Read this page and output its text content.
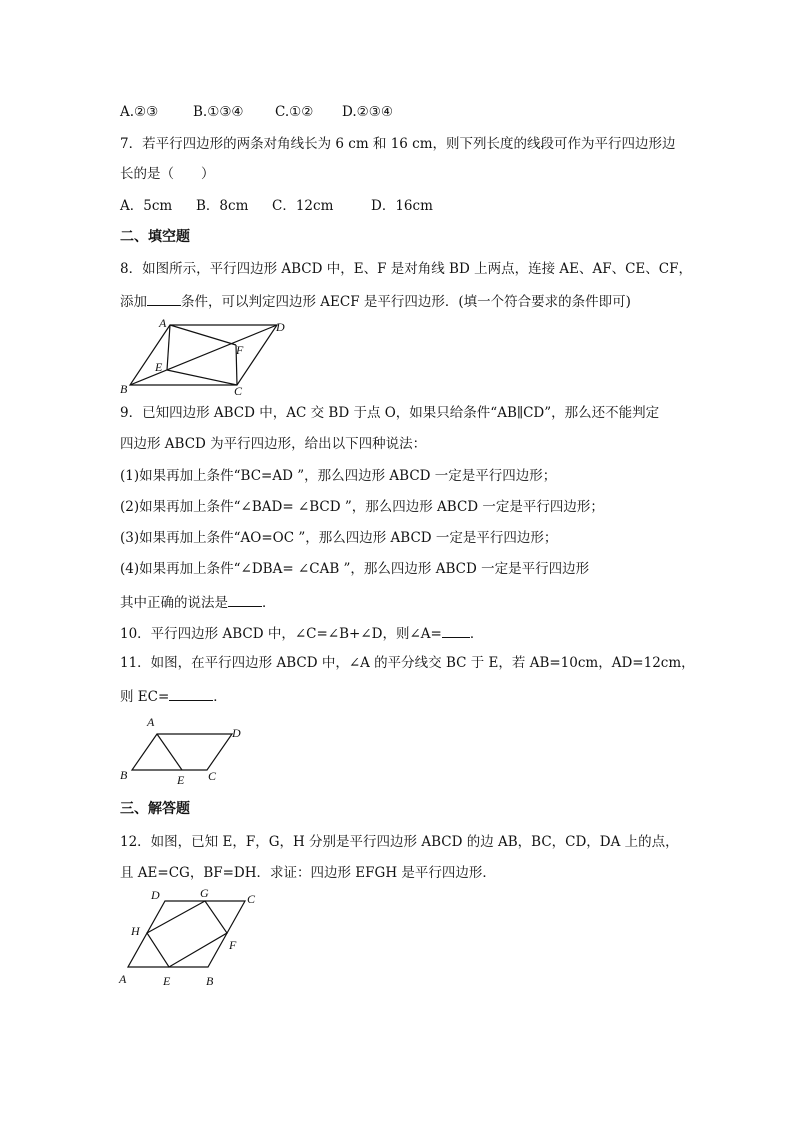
A.②③	B.①③④ C.①② D.②③④
7．若平行四边形的两条对角线长为 6 cm 和 16 cm，则下列长度的线段可作为平行四边形边
长的是（　　）
A．5cm B．8cm C．12cm	D．16cm
二、填空题
8．如图所示，平行四边形 ABCD 中，E、F 是对角线 BD 上两点，连接 AE、AF、CE、CF，
添加	条件，可以判定四边形 AECF 是平行四边形．(填一个符合要求的条件即可)
A	D
F
E
B	C
9．已知四边形 ABCD 中，AC 交 BD 于点 O，如果只给条件“AB∥CD”，那么还不能判定
四边形 ABCD 为平行四边形，给出以下四种说法：
(1)如果再加上条件“BC=AD ”，那么四边形 ABCD 一定是平行四边形；
(2)如果再加上条件“∠BAD= ∠BCD ”，那么四边形 ABCD 一定是平行四边形；
(3)如果再加上条件“AO=OC ”，那么四边形 ABCD 一定是平行四边形；
(4)如果再加上条件“∠DBA= ∠CAB ”，那么四边形 ABCD 一定是平行四边形
其中正确的说法是	．
10．平行四边形 ABCD 中，∠C=∠B+∠D，则∠A= ．
11．如图，在平行四边形 ABCD 中，∠A 的平分线交 BC 于 E，若 AB=10cm，AD=12cm，
则 EC=	．
A
D
B	E C
三、解答题
12．如图，已知 E，F，G，H 分别是平行四边形 ABCD 的边 AB，BC，CD，DA 上的点，
且 AE=CG，BF=DH．求证：四边形 EFGH 是平行四边形．
D	G	C
H
F
A	E	B
